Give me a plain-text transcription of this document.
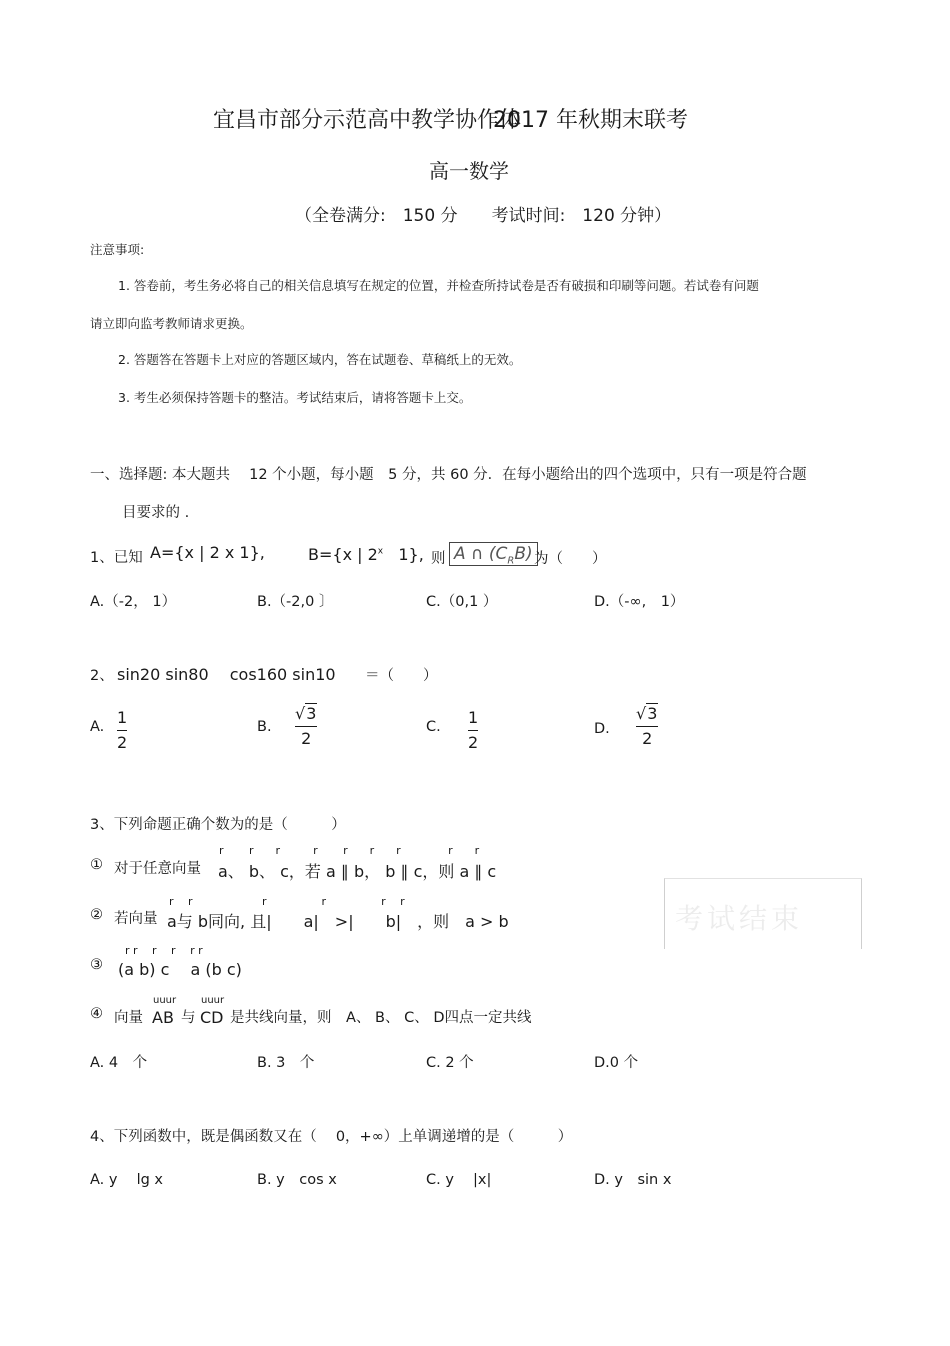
宜昌市部分示范高中教学协作体
2017 年秋期末联考
高一数学
（全卷满分:　150 分　　考试时间:　120 分钟）
注意事项:
1. 答卷前，考生务必将自己的相关信息填写在规定的位置，并检查所持试卷是否有破损和印刷等问题。若试卷有问题
请立即向监考教师请求更换。
2. 答题答在答题卡上对应的答题区域内，答在试题卷、草稿纸上的无效。
3. 考生必须保持答题卡的整洁。考试结束后，请将答题卡上交。
一、选择题: 本大题共　 12 个小题，每小题　5 分，共 60 分．在每小题给出的四个选项中，只有一项是符合题
目要求的 .
1、已知 A={x | 2 x 1},	B={x | 2$^x$ 1}, 则 A ∩ $(C_RB)$ 为（　　）
A.（-2， 1）	B.（-2,0 〕	C.（0,1 ）	D.（-∞,　1）
2、 sin20 sin80　 cos160 sin10 ＝（　　）
A. 1
2
B.
√3
2
C. 1
2
D.
√3
2
3、下列命题正确个数为的是（　　　）
① 对于任意向量
r　　 r　　r　　　r　　 r　　r　　r　　　　 r　　r
a、 b、 c，若 a ∥ b， b ∥ c，则 a ∥ c
② 若向量
r　 r　　　　　　 r　　　　　r　　　　　r　 r
a与 b同向, 且|　　a|　>|　　b|　，则　a > b
③
r r　 r　 r　 r r
(a b) c　 a (b c)
④ 向量
uuur
AB 与
uuur
CD 是共线向量，则　A、 B、 C、 D四点一定共线
A. 4　个	B. 3　个	C. 2 个	D.0 个
考试结束
4、下列函数中，既是偶函数又在（　 0，+∞）上单调递增的是（　　　）
A. y　 lg x	B. y　cos x	C. y　 |x|	D. y　sin x
